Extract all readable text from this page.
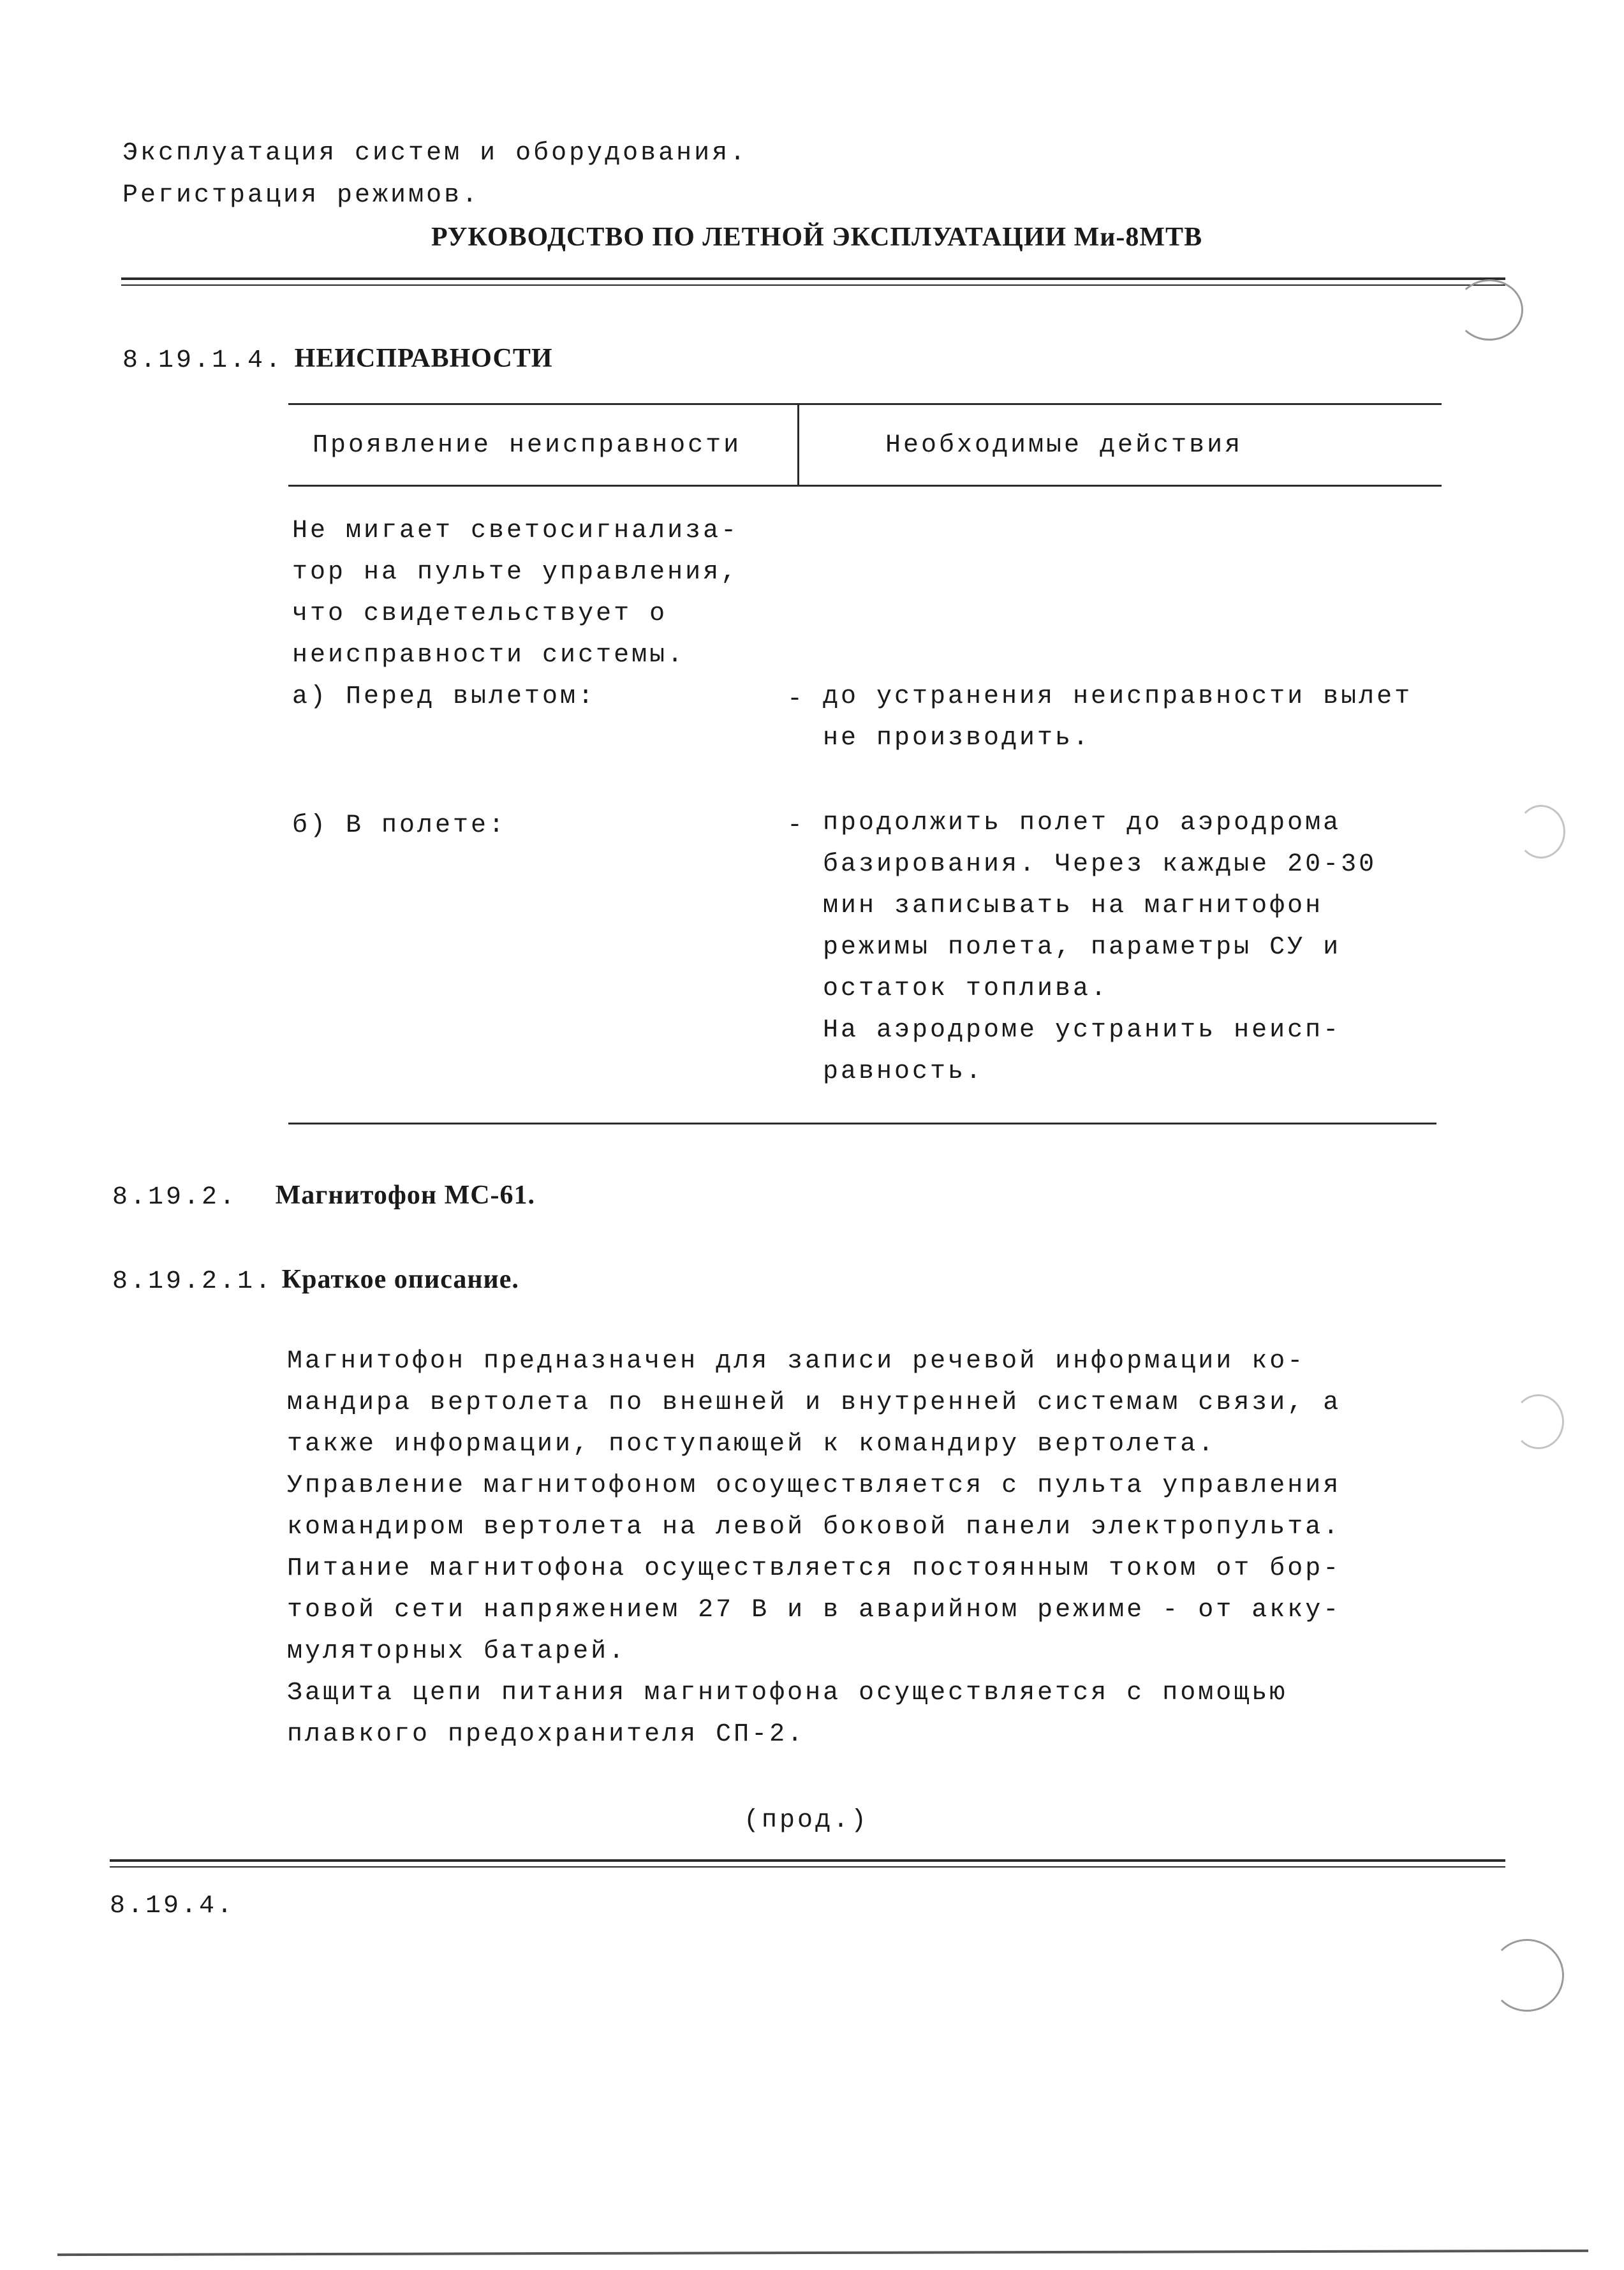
Эксплуатация систем и оборудования.
Регистрация режимов.
РУКОВОДСТВО ПО ЛЕТНОЙ ЭКСПЛУАТАЦИИ Ми-8МТВ
8.19.1.4. НЕИСПРАВНОСТИ
Проявление неисправности	Необходимые действия
Не мигает светосигнализа-
тор на пульте управления,
что свидетельствует о
неисправности системы.
а) Перед вылетом:	- до устранения неисправности вылет
не производить.
б) В полете:	- продолжить полет до аэродрома
базирования. Через каждые 20-30
мин записывать на магнитофон
режимы полета, параметры СУ и
остаток топлива.
На аэродроме устранить неисп-
равность.
8.19.2. Магнитофон МС-61.
8.19.2.1. Краткое описание.
Магнитофон предназначен для записи речевой информации ко-
мандира вертолета по внешней и внутренней системам связи, а
также информации, поступающей к командиру вертолета.
Управление магнитофоном осоуществляется с пульта управления
командиром вертолета на левой боковой панели электропульта.
Питание магнитофона осуществляется постоянным током от бор-
товой сети напряжением 27 В и в аварийном режиме - от акку-
муляторных батарей.
Защита цепи питания магнитофона осуществляется с помощью
плавкого предохранителя СП-2.
(прод.)
8.19.4.
